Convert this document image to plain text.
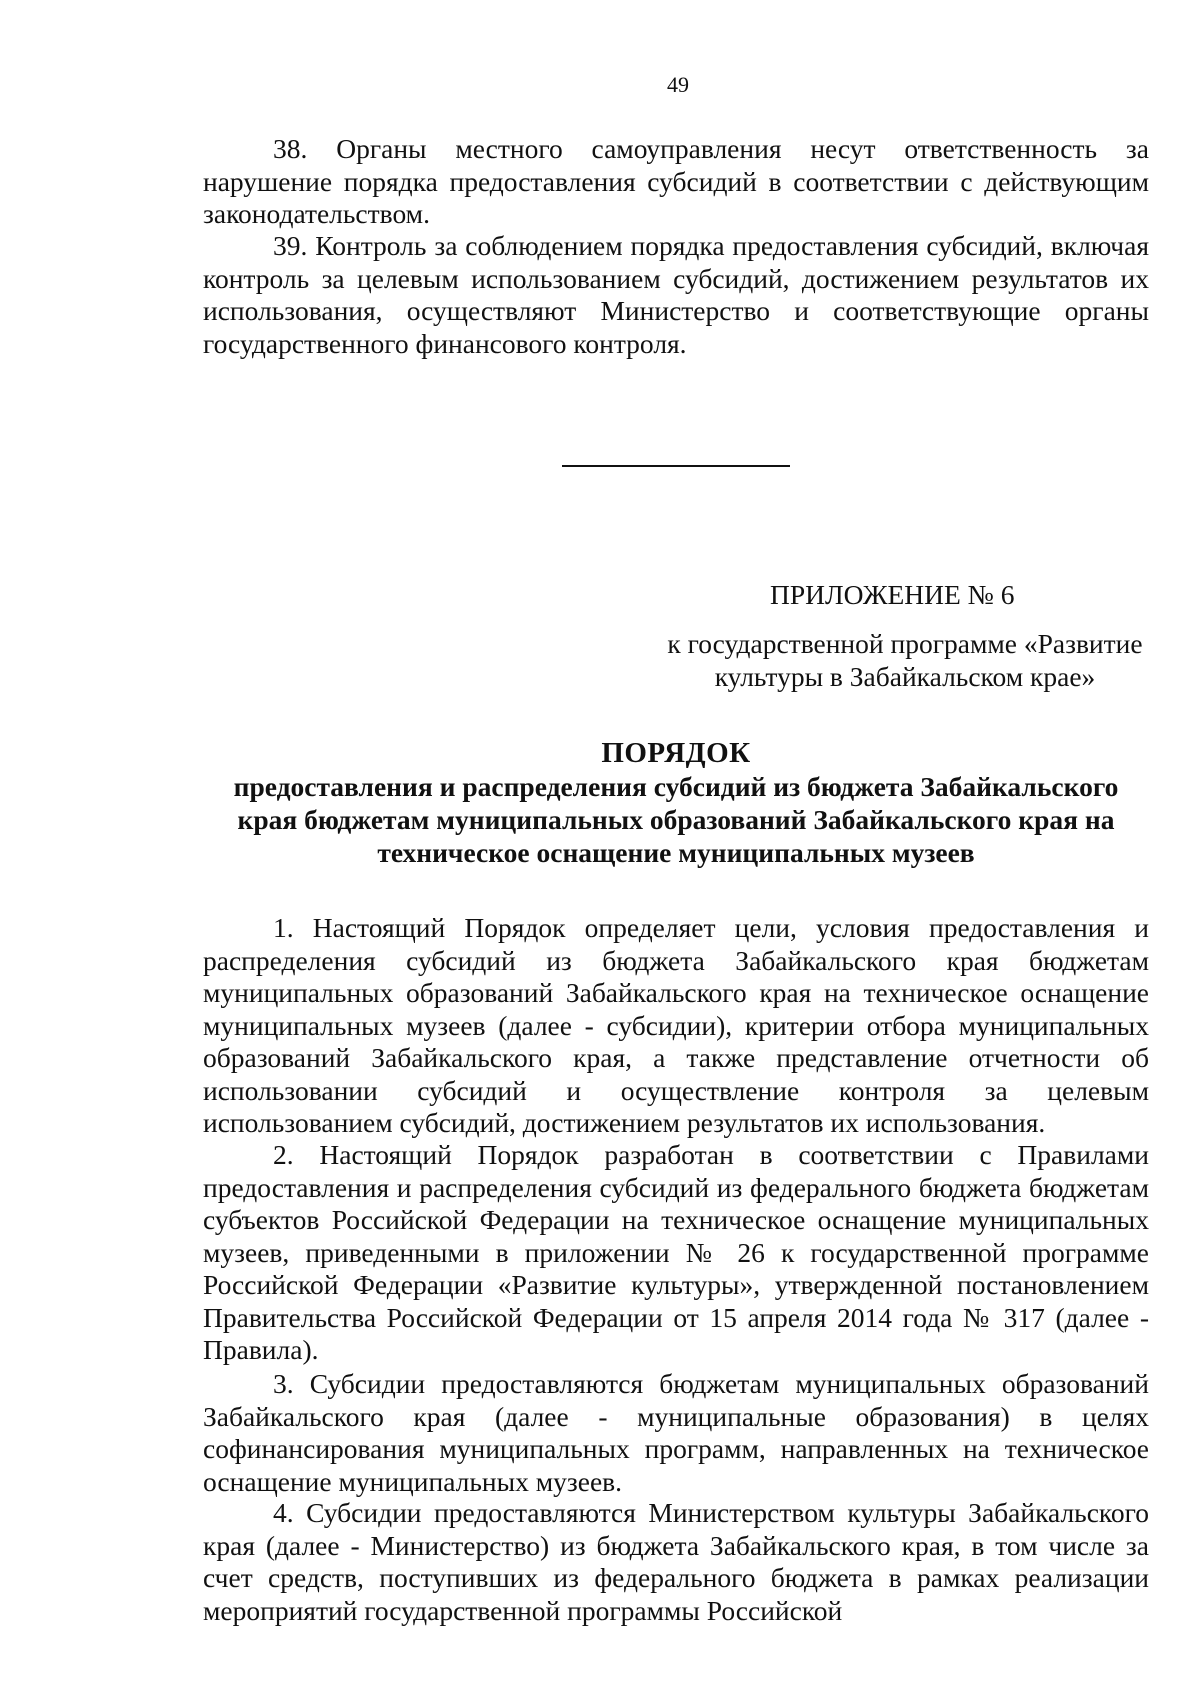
49

38. Органы местного самоуправления несут ответственность за нарушение порядка предоставления субсидий в соответствии с действующим законодательством.

39. Контроль за соблюдением порядка предоставления субсидий, включая контроль за целевым использованием субсидий, достижением результатов их использования, осуществляют Министерство и соответствующие органы государственного финансового контроля.

ПРИЛОЖЕНИЕ № 6

к государственной программе «Развитие культуры в Забайкальском крае»

ПОРЯДОК

предоставления и распределения субсидий из бюджета Забайкальского края бюджетам муниципальных образований Забайкальского края на техническое оснащение муниципальных музеев

1. Настоящий Порядок определяет цели, условия предоставления и распределения субсидий из бюджета Забайкальского края бюджетам муниципальных образований Забайкальского края на техническое оснащение муниципальных музеев (далее - субсидии), критерии отбора муниципальных образований Забайкальского края, а также представление отчетности об использовании субсидий и осуществление контроля за целевым использованием субсидий, достижением результатов их использования.

2. Настоящий Порядок разработан в соответствии с Правилами предоставления и распределения субсидий из федерального бюджета бюджетам субъектов Российской Федерации на техническое оснащение муниципальных музеев, приведенными в приложении № 26 к государственной программе Российской Федерации «Развитие культуры», утвержденной постановлением Правительства Российской Федерации от 15 апреля 2014 года № 317 (далее - Правила).

3. Субсидии предоставляются бюджетам муниципальных образований Забайкальского края (далее - муниципальные образования) в целях софинансирования муниципальных программ, направленных на техническое оснащение муниципальных музеев.

4. Субсидии предоставляются Министерством культуры Забайкальского края (далее - Министерство) из бюджета Забайкальского края, в том числе за счет средств, поступивших из федерального бюджета в рамках реализации мероприятий государственной программы Российской
